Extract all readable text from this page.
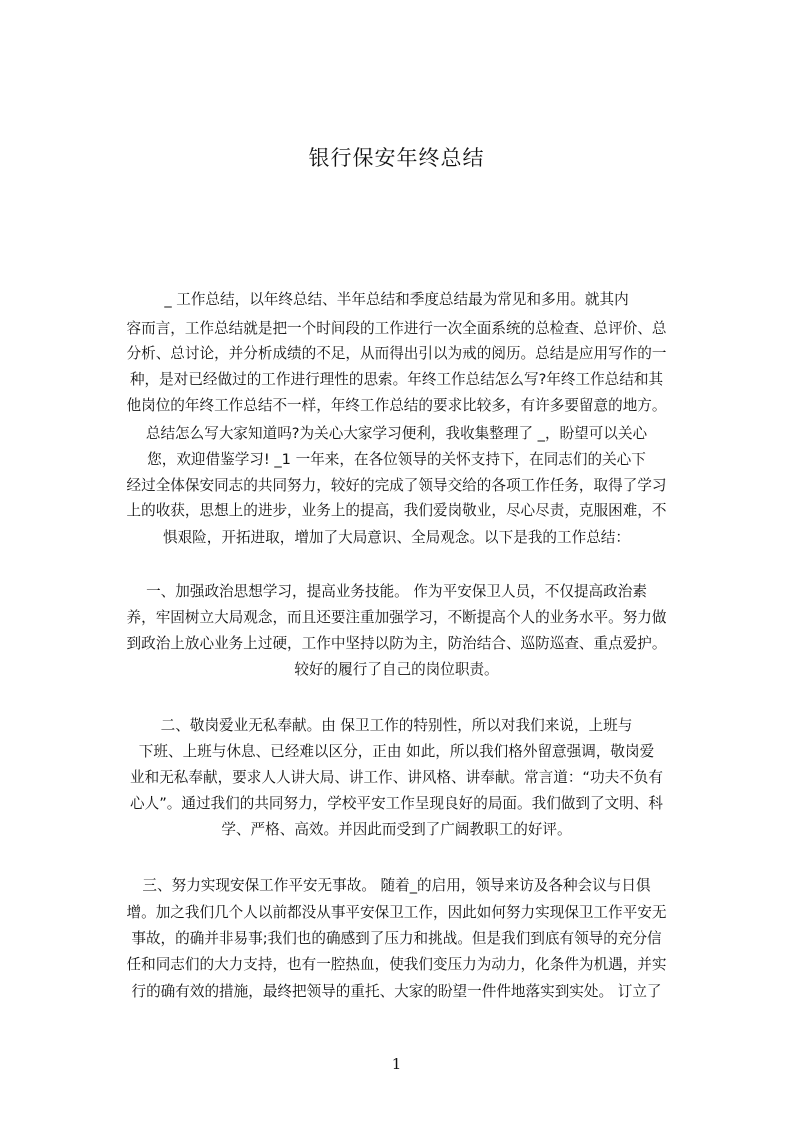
银行保安年终总结
_ 工作总结，以年终总结、半年总结和季度总结最为常见和多用。就其内
容而言，工作总结就是把一个时间段的工作进行一次全面系统的总检查、总评价、总
分析、总讨论，并分析成绩的不足，从而得出引以为戒的阅历。总结是应用写作的一
种，是对已经做过的工作进行理性的思索。年终工作总结怎么写?年终工作总结和其
他岗位的年终工作总结不一样，年终工作总结的要求比较多，有许多要留意的地方。
总结怎么写大家知道吗?为关心大家学习便利，我收集整理了 _，盼望可以关心
您，欢迎借鉴学习! _1 一年来，在各位领导的关怀支持下，在同志们的关心下
经过全体保安同志的共同努力，较好的完成了领导交给的各项工作任务，取得了学习
上的收获，思想上的进步，业务上的提高，我们爱岗敬业，尽心尽责，克服困难，不
惧艰险，开拓进取，增加了大局意识、全局观念。以下是我的工作总结：
一、加强政治思想学习，提高业务技能。 作为平安保卫人员，不仅提高政治素
养，牢固树立大局观念，而且还要注重加强学习，不断提高个人的业务水平。努力做
到政治上放心业务上过硬，工作中坚持以防为主，防治结合、巡防巡查、重点爱护。
较好的履行了自己的岗位职责。
二、敬岗爱业无私奉献。由 保卫工作的特别性，所以对我们来说，上班与
下班、上班与休息、已经难以区分，正由 如此，所以我们格外留意强调，敬岗爱
业和无私奉献，要求人人讲大局、讲工作、讲风格、讲奉献。常言道：“功夫不负有
心人”。通过我们的共同努力，学校平安工作呈现良好的局面。我们做到了文明、科
学、严格、高效。并因此而受到了广阔教职工的好评。
三、努力实现安保工作平安无事故。 随着_的启用，领导来访及各种会议与日俱
增。加之我们几个人以前都没从事平安保卫工作，因此如何努力实现保卫工作平安无
事故，的确并非易事;我们也的确感到了压力和挑战。但是我们到底有领导的充分信
任和同志们的大力支持，也有一腔热血，使我们变压力为动力，化条件为机遇，并实
行的确有效的措施，最终把领导的重托、大家的盼望一件件地落实到实处。 订立了
1
